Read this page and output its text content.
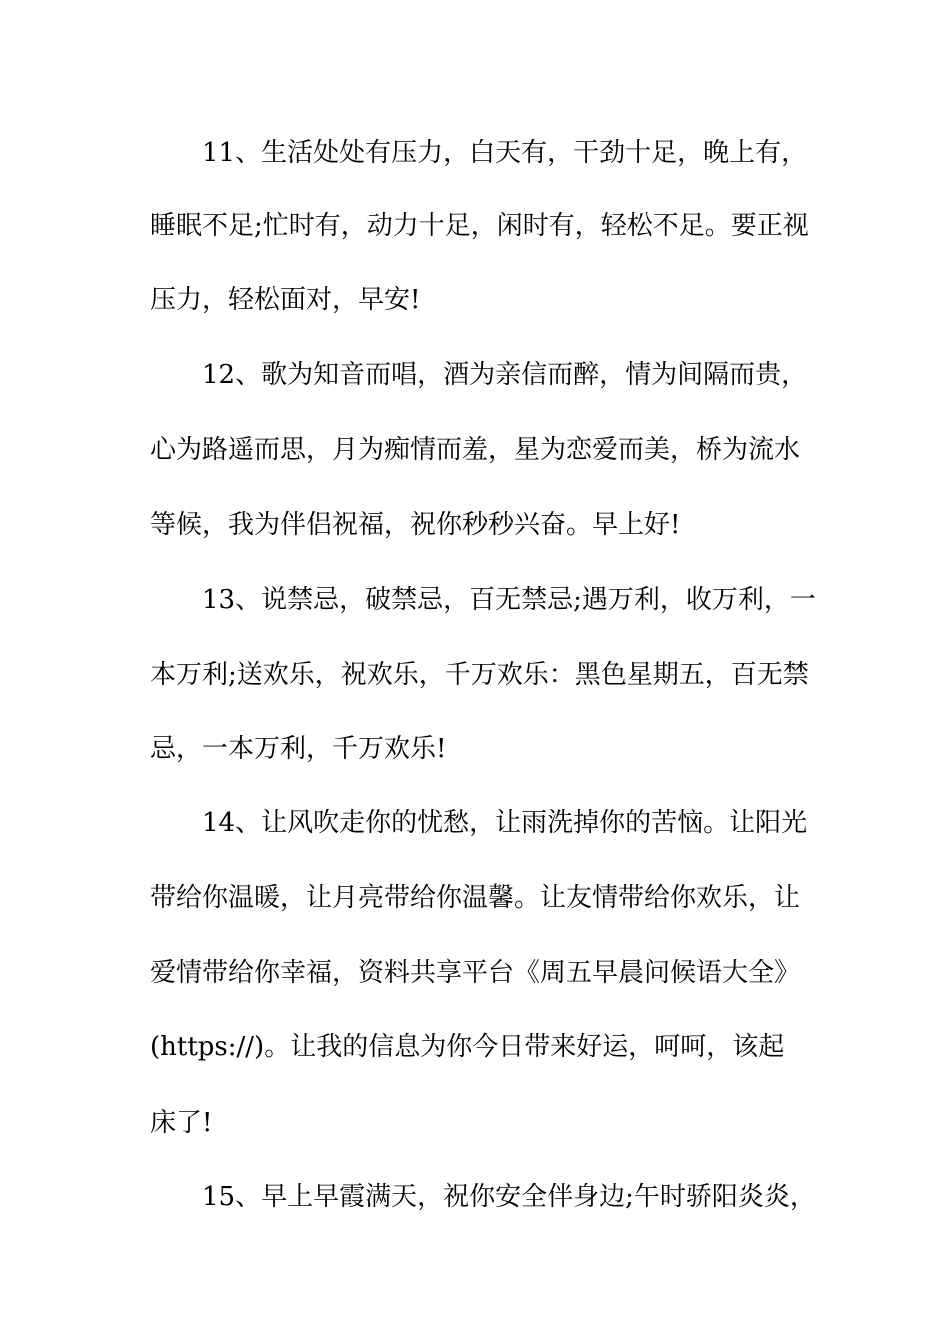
11、生活处处有压力，白天有，干劲十足，晚上有，
睡眠不足;忙时有，动力十足，闲时有，轻松不足。要正视
压力，轻松面对，早安!
12、歌为知音而唱，酒为亲信而醉，情为间隔而贵，
心为路遥而思，月为痴情而羞，星为恋爱而美，桥为流水
等候，我为伴侣祝福，祝你秒秒兴奋。早上好!
13、说禁忌，破禁忌，百无禁忌;遇万利，收万利，一
本万利;送欢乐，祝欢乐，千万欢乐：黑色星期五，百无禁
忌，一本万利，千万欢乐!
14、让风吹走你的忧愁，让雨洗掉你的苦恼。让阳光
带给你温暖，让月亮带给你温馨。让友情带给你欢乐，让
爱情带给你幸福，资料共享平台《周五早晨问候语大全》
(https://)。让我的信息为你今日带来好运，呵呵，该起
床了!
15、早上早霞满天，祝你安全伴身边;午时骄阳炎炎，
